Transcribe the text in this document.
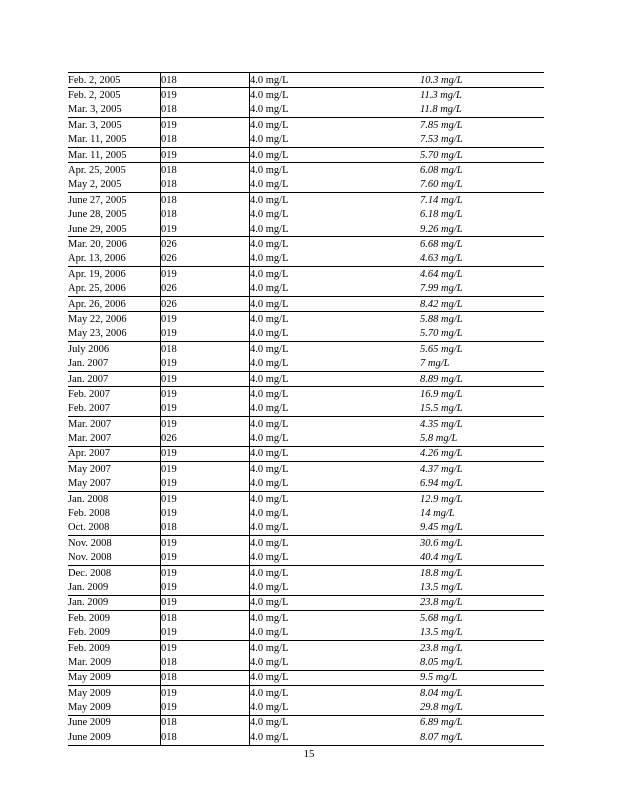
Feb. 2, 2005	018	4.0 mg/L	10.3 mg/L
Feb. 2, 2005	019	4.0 mg/L	11.3 mg/L
Mar. 3, 2005	018	4.0 mg/L	11.8 mg/L
Mar. 3, 2005	019	4.0 mg/L	7.85 mg/L
Mar. 11, 2005	018	4.0 mg/L	7.53 mg/L
Mar. 11, 2005	019	4.0 mg/L	5.70 mg/L
Apr. 25, 2005	018	4.0 mg/L	6.08 mg/L
May 2, 2005	018	4.0 mg/L	7.60 mg/L
June 27, 2005	018	4.0 mg/L	7.14 mg/L
June 28, 2005	018	4.0 mg/L	6.18 mg/L
June 29, 2005	019	4.0 mg/L	9.26 mg/L
Mar. 20, 2006	026	4.0 mg/L	6.68 mg/L
Apr. 13, 2006	026	4.0 mg/L	4.63 mg/L
Apr. 19, 2006	019	4.0 mg/L	4.64 mg/L
Apr. 25, 2006	026	4.0 mg/L	7.99 mg/L
Apr. 26, 2006	026	4.0 mg/L	8.42 mg/L
May 22, 2006	019	4.0 mg/L	5.88 mg/L
May 23, 2006	019	4.0 mg/L	5.70 mg/L
July 2006	018	4.0 mg/L	5.65 mg/L
Jan. 2007	019	4.0 mg/L	7 mg/L
Jan. 2007	019	4.0 mg/L	8.89 mg/L
Feb. 2007	019	4.0 mg/L	16.9 mg/L
Feb. 2007	019	4.0 mg/L	15.5 mg/L
Mar. 2007	019	4.0 mg/L	4.35 mg/L
Mar. 2007	026	4.0 mg/L	5.8 mg/L
Apr. 2007	019	4.0 mg/L	4.26 mg/L
May 2007	019	4.0 mg/L	4.37 mg/L
May 2007	019	4.0 mg/L	6.94 mg/L
Jan. 2008	019	4.0 mg/L	12.9 mg/L
Feb. 2008	019	4.0 mg/L	14 mg/L
Oct. 2008	018	4.0 mg/L	9.45 mg/L
Nov. 2008	019	4.0 mg/L	30.6 mg/L
Nov. 2008	019	4.0 mg/L	40.4 mg/L
Dec. 2008	019	4.0 mg/L	18.8 mg/L
Jan. 2009	019	4.0 mg/L	13.5 mg/L
Jan. 2009	019	4.0 mg/L	23.8 mg/L
Feb. 2009	018	4.0 mg/L	5.68 mg/L
Feb. 2009	019	4.0 mg/L	13.5 mg/L
Feb. 2009	019	4.0 mg/L	23.8 mg/L
Mar. 2009	018	4.0 mg/L	8.05 mg/L
May 2009	018	4.0 mg/L	9.5 mg/L
May 2009	019	4.0 mg/L	8.04 mg/L
May 2009	019	4.0 mg/L	29.8 mg/L
June 2009	018	4.0 mg/L	6.89 mg/L
June 2009	018	4.0 mg/L	8.07 mg/L
15
